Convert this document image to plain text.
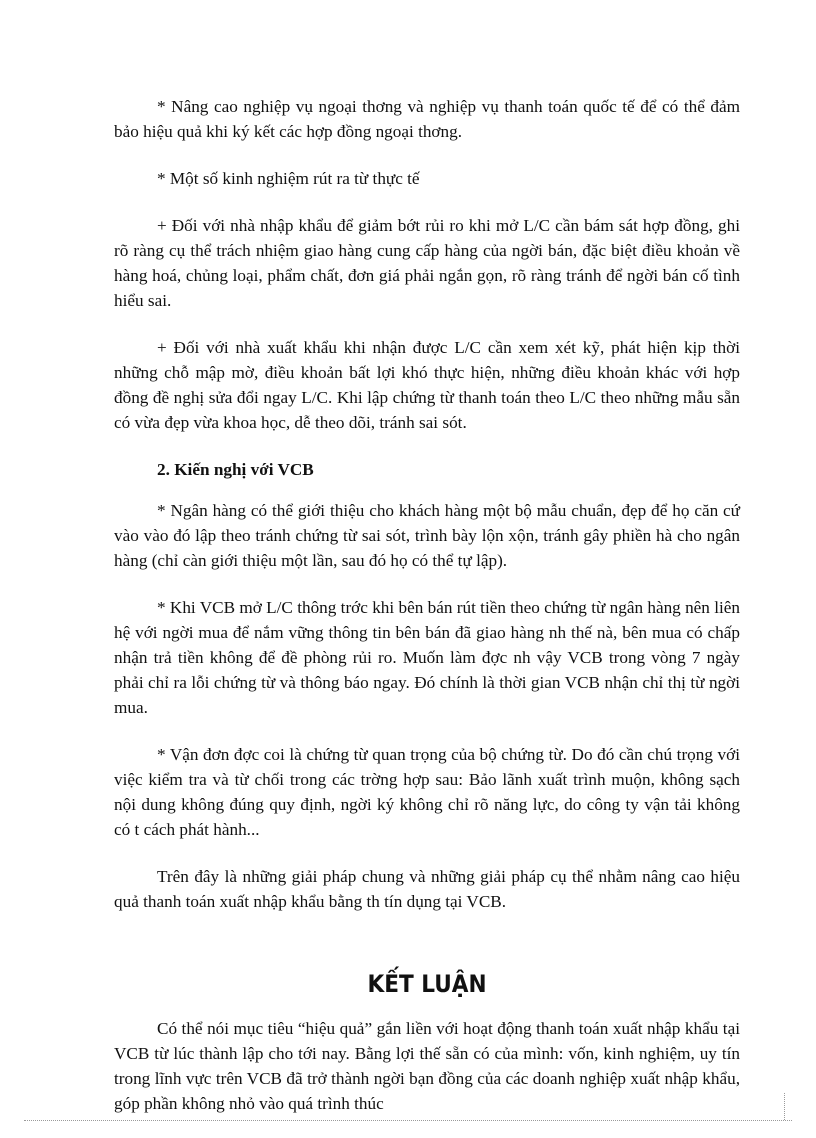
* Nâng cao nghiệp vụ ngoại thơng và nghiệp vụ thanh toán quốc tế để có thể đảm bảo hiệu quả khi ký kết các hợp đồng ngoại thơng.

* Một số kinh nghiệm rút ra từ thực tế

+ Đối với nhà nhập khẩu để giảm bớt rủi ro khi mở L/C cần bám sát hợp đồng, ghi rõ ràng cụ thể trách nhiệm giao hàng cung cấp hàng của ngời bán, đặc biệt điều khoản về hàng hoá, chủng loại, phẩm chất, đơn giá phải ngắn gọn, rõ ràng tránh để ngời bán cố tình hiểu sai.

+ Đối với nhà xuất khẩu khi nhận được L/C cần xem xét kỹ, phát hiện kịp thời những chỗ mập mờ, điều khoản bất lợi khó thực hiện, những điều khoản khác với hợp đồng đề nghị sửa đổi ngay L/C. Khi lập chứng từ thanh toán theo L/C theo những mẫu sẵn có vừa đẹp vừa khoa học, dễ theo dõi, tránh sai sót.

2. Kiến nghị với VCB

* Ngân hàng có thể giới thiệu cho khách hàng một bộ mẫu chuẩn, đẹp để họ căn cứ vào vào đó lập theo tránh chứng từ sai sót, trình bày lộn xộn, tránh gây phiền hà cho ngân hàng (chỉ càn giới thiệu một lần, sau đó họ có thể tự lập).

* Khi VCB mở L/C thông trớc khi bên bán rút tiền theo chứng từ ngân hàng nên liên hệ với ngời mua để nắm vững thông tin bên bán đã giao hàng nh thế nà, bên mua có chấp nhận trả tiền không để đề phòng rủi ro. Muốn làm đợc nh vậy VCB trong vòng 7 ngày phải chỉ ra lỗi chứng từ và thông báo ngay. Đó chính là thời gian VCB nhận chỉ thị từ ngời mua.

* Vận đơn đợc coi là chứng từ quan trọng của bộ chứng từ. Do đó cần chú trọng với việc kiểm tra và từ chối trong các trờng hợp sau: Bảo lãnh xuất trình muộn, không sạch nội dung không đúng quy định, ngời ký không chỉ rõ năng lực, do công ty vận tải không có t cách phát hành...

Trên đây là những giải pháp chung và những giải pháp cụ thể nhằm nâng cao hiệu quả thanh toán xuất nhập khẩu bằng th tín dụng tại VCB.

KẾT LUẬN

Có thể nói mục tiêu “hiệu quả” gắn liền với hoạt động thanh toán xuất nhập khẩu tại VCB từ lúc thành lập cho tới nay. Bằng lợi thế sẵn có của mình: vốn, kinh nghiệm, uy tín trong lĩnh vực trên VCB đã trở thành ngời bạn đồng của các doanh nghiệp xuất nhập khẩu, góp phần không nhỏ vào quá trình thúc
